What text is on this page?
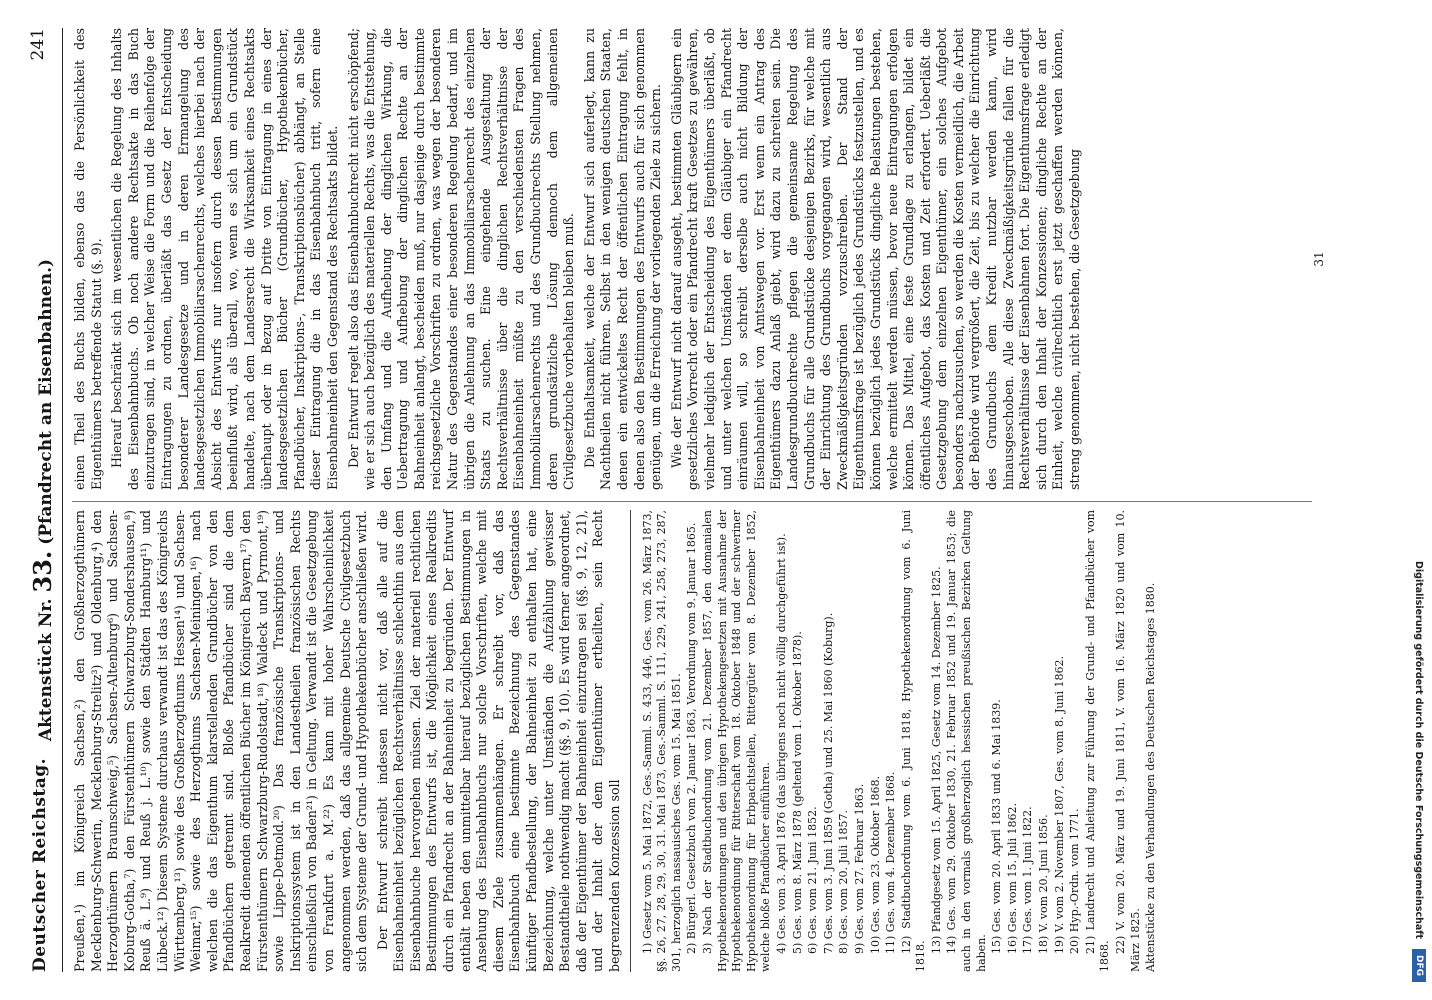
Deutscher Reichstag.
Aktenstück Nr. 33. (Pfandrecht an Eisenbahnen.)
241

Preußen,¹) im Königreich Sachsen,²) den Großherzogthümern Mecklenburg-Schwerin, Mecklenburg-Strelitz³) und Oldenburg,⁴) den Herzogthümern Braunschweig,⁵) Sachsen-Altenburg⁶) und Sachsen-Koburg-Gotha,⁷) den Fürstenthümern Schwarzburg-Sondershausen,⁸) Reuß ä. L.⁹) und Reuß j. L.¹⁰) sowie den Städten Hamburg¹¹) und Lübeck.¹²) Diesem Systeme durchaus verwandt ist das des Königreichs Württemberg,¹³) sowie des Großherzogthums Hessen¹⁴) und Sachsen-Weimar,¹⁵) sowie des Herzogthums Sachsen-Meiningen,¹⁶) nach welchen die das Eigenthum klarstellenden Grundbücher von den Pfandbüchern getrennt sind. Bloße Pfandbücher sind die dem Realkredit dienenden öffentlichen Bücher im Königreich Bayern,¹⁷) den Fürstenthümern Schwarzburg-Rudolstadt,¹⁸) Waldeck und Pyrmont,¹⁹) sowie Lippe-Detmold.²⁰) Das französische Transkriptions- und Inskriptionssystem ist in den Landestheilen französischen Rechts einschließlich von Baden²¹) in Geltung. Verwandt ist die Gesetzgebung von Frankfurt a. M.²²) Es kann mit hoher Wahrscheinlichkeit angenommen werden, daß das allgemeine Deutsche Civilgesetzbuch sich dem Systeme der Grund- und Hypothekenbücher anschließen wird. Der Entwurf schreibt indessen nicht vor, daß alle auf die Eisenbahneinheit bezüglichen Rechtsverhältnisse schlechthin aus dem Eisenbahnbuche hervorgehen müssen. Ziel der materiell rechtlichen Bestimmungen des Entwurfs ist, die Möglichkeit eines Realkredits durch ein Pfandrecht an der Bahneinheit zu begründen. Der Entwurf enthält neben den unmittelbar hierauf bezüglichen Bestimmungen in Ansehung des Eisenbahnbuchs nur solche Vorschriften, welche mit diesem Ziele zusammenhängen. Er schreibt vor, daß das Eisenbahnbuch eine bestimmte Bezeichnung des Gegenstandes künftiger Pfandbestellung, der Bahneinheit zu enthalten hat, eine Bezeichnung, welche unter Umständen die Aufzählung gewisser Bestandtheile nothwendig macht (§§. 9, 10). Es wird ferner angeordnet, daß der Eigenthümer der Bahneinheit einzutragen sei (§§. 9, 12, 21), und der Inhalt der dem Eigenthümer ertheilten, sein Recht begrenzenden Konzession soll 1) Gesetz vom 5. Mai 1872, Ges.-Samml. S. 433, 446, Ges. vom 26. März 1873, §§. 26, 27, 28, 29, 30, 31. Mai 1873, Ges.-Samml. S. 111, 229, 241, 258, 273, 287, 301, herzoglich nassauisches Ges. vom 15. Mai 1851. 2) Bürgerl. Gesetzbuch vom 2. Januar 1863, Verordnung vom 9. Januar 1865. 3) Nach der Stadtbuchordnung vom 21. Dezember 1857, den domanialen Hypothekenordnungen und den übrigen Hypothekengesetzen mit Ausnahme der Hypothekenordnung für Ritterschaft vom 18. Oktober 1848 und der schweriner Hypothekenordnung für Erbpachtstellen, Rittergüter vom 8. Dezember 1852, welche bloße Pfandbücher einführen. 4) Ges. vom 3. April 1876 (das übrigens noch nicht völlig durchgeführt ist). 5) Ges. vom 8. März 1878 (geltend vom 1. Oktober 1878). 6) Ges. vom 21. Juni 1852. 7) Ges. vom 3. Juni 1859 (Gotha) und 25. Mai 1860 (Koburg). 8) Ges. vom 20. Juli 1857. 9) Ges. vom 27. Februar 1863. 10) Ges. vom 23. Oktober 1868. 11) Ges. vom 4. Dezember 1868. 12) Stadtbuchordnung vom 6. Juni 1818, Hypothekenordnung vom 6. Juni 1818.

13) Pfandgesetz vom 15. April 1825, Gesetz vom 14. Dezember 1825. 14) Ges. vom 29. Oktober 1830, 21. Februar 1852 und 19. Januar 1853; die auch in den vormals großherzoglich hessischen preußischen Bezirken Geltung haben. 15) Ges. vom 20. April 1833 und 6. Mai 1839. 16) Ges. vom 15. Juli 1862. 17) Ges. vom 1. Juni 1822. 18) V. vom 20. Juni 1856. 19) V. vom 2. November 1807, Ges. vom 8. Juni 1862. 20) Hyp.-Ordn. vom 1771. 21) Landrecht und Anleitung zur Führung der Grund- und Pfandbücher vom 1868.

22) V. vom 20. März und 19. Juni 1811, V. vom 16. März 1820 und vom 10. März 1825. Aktenstücke zu den Verhandlungen des Deutschen Reichstages 1880.

einen Theil des Buchs bilden, ebenso das die Persönlichkeit des Eigenthümers betreffende Statut (§. 9). Hierauf beschränkt sich im wesentlichen die Regelung des Inhalts des Eisenbahnbuchs. Ob noch andere Rechtsakte in das Buch einzutragen sind, in welcher Weise die Form und die Reihenfolge der Eintragungen zu ordnen, überläßt das Gesetz der Entscheidung besonderer Landesgesetze und in deren Ermangelung des landesgesetzlichen Immobiliarsachenrechts, welches hierbei nach der Absicht des Entwurfs nur insofern durch dessen Bestimmungen beeinflußt wird, als überall, wo, wenn es sich um ein Grundstück handelte, nach dem Landesrecht die Wirksamkeit eines Rechtsakts überhaupt oder in Bezug auf Dritte von Eintragung in eines der landesgesetzlichen Bücher (Grundbücher, Hypothekenbücher, Pfandbücher, Inskriptions-, Transkriptionsbücher) abhängt, an Stelle dieser Eintragung die in das Eisenbahnbuch tritt, sofern eine Eisenbahneinheit den Gegenstand des Rechtsakts bildet. Der Entwurf regelt also das Eisenbahnbuchrecht nicht erschöpfend; wie er sich auch bezüglich des materiellen Rechts, was die Entstehung, den Umfang und die Aufhebung der dinglichen Wirkung, die Uebertragung und Aufhebung der dinglichen Rechte an der Bahneinheit anlangt, bescheiden muß, nur dasjenige durch bestimmte reichsgesetzliche Vorschriften zu ordnen, was wegen der besonderen Natur des Gegenstandes einer besonderen Regelung bedarf, und im übrigen die Anlehnung an das Immobiliarsachenrecht des einzelnen Staats zu suchen. Eine eingehende Ausgestaltung der Rechtsverhältnisse über die dinglichen Rechtsverhältnisse der Eisenbahneinheit müßte zu den verschiedensten Fragen des Immobiliarsachenrechts und des Grundbuchrechts Stellung nehmen, deren grundsätzliche Lösung dennoch dem allgemeinen Civilgesetzbuche vorbehalten bleiben muß. Die Enthaltsamkeit, welche der Entwurf sich auferlegt, kann zu Nachtheilen nicht führen. Selbst in den wenigen deutschen Staaten, denen ein entwickeltes Recht der öffentlichen Eintragung fehlt, in denen also den Bestimmungen des Entwurfs auch für sich genommen genügen, um die Erreichung der vorliegenden Ziele zu sichern. Wie der Entwurf nicht darauf ausgeht, bestimmten Gläubigern ein gesetzliches Vorrecht oder ein Pfandrecht kraft Gesetzes zu gewähren, vielmehr lediglich der Entscheidung des Eigenthümers überläßt, ob und unter welchen Umständen er dem Gläubiger ein Pfandrecht einräumen will, so schreibt derselbe auch nicht Bildung der Eisenbahneinheit von Amtswegen vor. Erst wenn ein Antrag des Eigenthümers dazu Anlaß giebt, wird dazu zu schreiten sein. Die Landesgrundbuchrechte pflegen die gemeinsame Regelung des Grundbuchs für alle Grundstücke desjenigen Bezirks, für welche mit der Einrichtung des Grundbuchs vorgegangen wird, wesentlich aus Zweckmäßigkeitsgründen vorzuschreiben. Der Stand der Eigenthumsfrage ist bezüglich jedes Grundstücks festzustellen, und es können bezüglich jedes Grundstücks dingliche Belastungen bestehen, welche ermittelt werden müssen, bevor neue Eintragungen erfolgen können. Das Mittel, eine feste Grundlage zu erlangen, bildet ein öffentliches Aufgebot, das Kosten und Zeit erfordert. Ueberläßt die Gesetzgebung dem einzelnen Eigenthümer, ein solches Aufgebot besonders nachzusuchen, so werden die Kosten vermeidlich, die Arbeit der Behörde wird vergrößert, die Zeit, bis zu welcher die Einrichtung des Grundbuchs dem Kredit nutzbar werden kann, wird hinausgeschoben. Alle diese Zweckmäßigkeitsgründe fallen für die Rechtsverhältnisse der Eisenbahnen fort. Die Eigenthumsfrage erledigt sich durch den Inhalt der Konzessionen; dingliche Rechte an der Einheit, welche civilrechtlich erst jetzt geschaffen werden können, streng genommen, nicht bestehen, die Gesetzgebung	31
Digitalisierung gefördert durch die Deutsche Forschungsgemeinschaft
DFG
